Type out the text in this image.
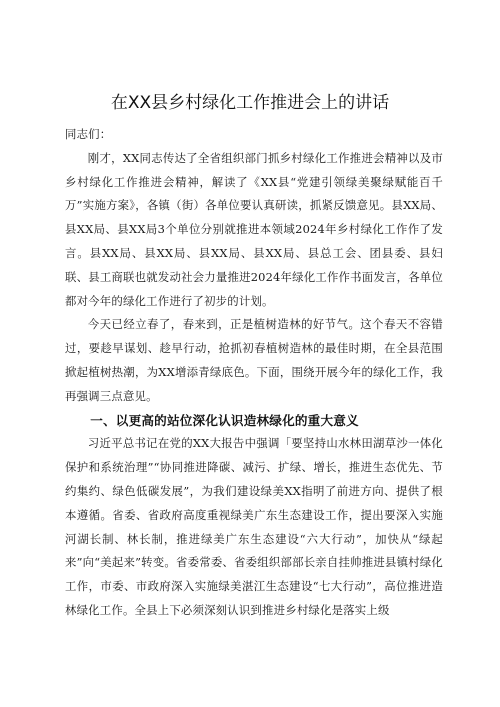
在XX县乡村绿化工作推进会上的讲话

同志们：

刚才，XX同志传达了全省组织部门抓乡村绿化工作推进会精神以及市乡村绿化工作推进会精神，解读了《XX县“党建引领绿美聚绿赋能百千万”实施方案》，各镇（街）各单位要认真研读，抓紧反馈意见。县XX局、县XX局、县XX局3个单位分别就推进本领域2024年乡村绿化工作作了发言。县XX局、县XX局、县XX局、县XX局、县总工会、团县委、县妇联、县工商联也就发动社会力量推进2024年绿化工作作书面发言，各单位都对今年的绿化工作进行了初步的计划。

今天已经立春了，春来到，正是植树造林的好节气。这个春天不容错过，要趁早谋划、趁早行动，抢抓初春植树造林的最佳时期，在全县范围掀起植树热潮，为XX增添青绿底色。下面，围绕开展今年的绿化工作，我再强调三点意见。

一、以更高的站位深化认识造林绿化的重大意义

习近平总书记在党的XX大报告中强调「要坚持山水林田湖草沙一体化保护和系统治理”“协同推进降碳、减污、扩绿、增长，推进生态优先、节约集约、绿色低碳发展”，为我们建设绿美XX指明了前进方向、提供了根本遵循。省委、省政府高度重视绿美广东生态建设工作，提出要深入实施河湖长制、林长制，推进绿美广东生态建设“六大行动”，加快从“绿起来”向“美起来”转变。省委常委、省委组织部部长亲自挂帅推进县镇村绿化工作，市委、市政府深入实施绿美湛江生态建设“七大行动”，高位推进造林绿化工作。全县上下必须深刻认识到推进乡村绿化是落实上级
